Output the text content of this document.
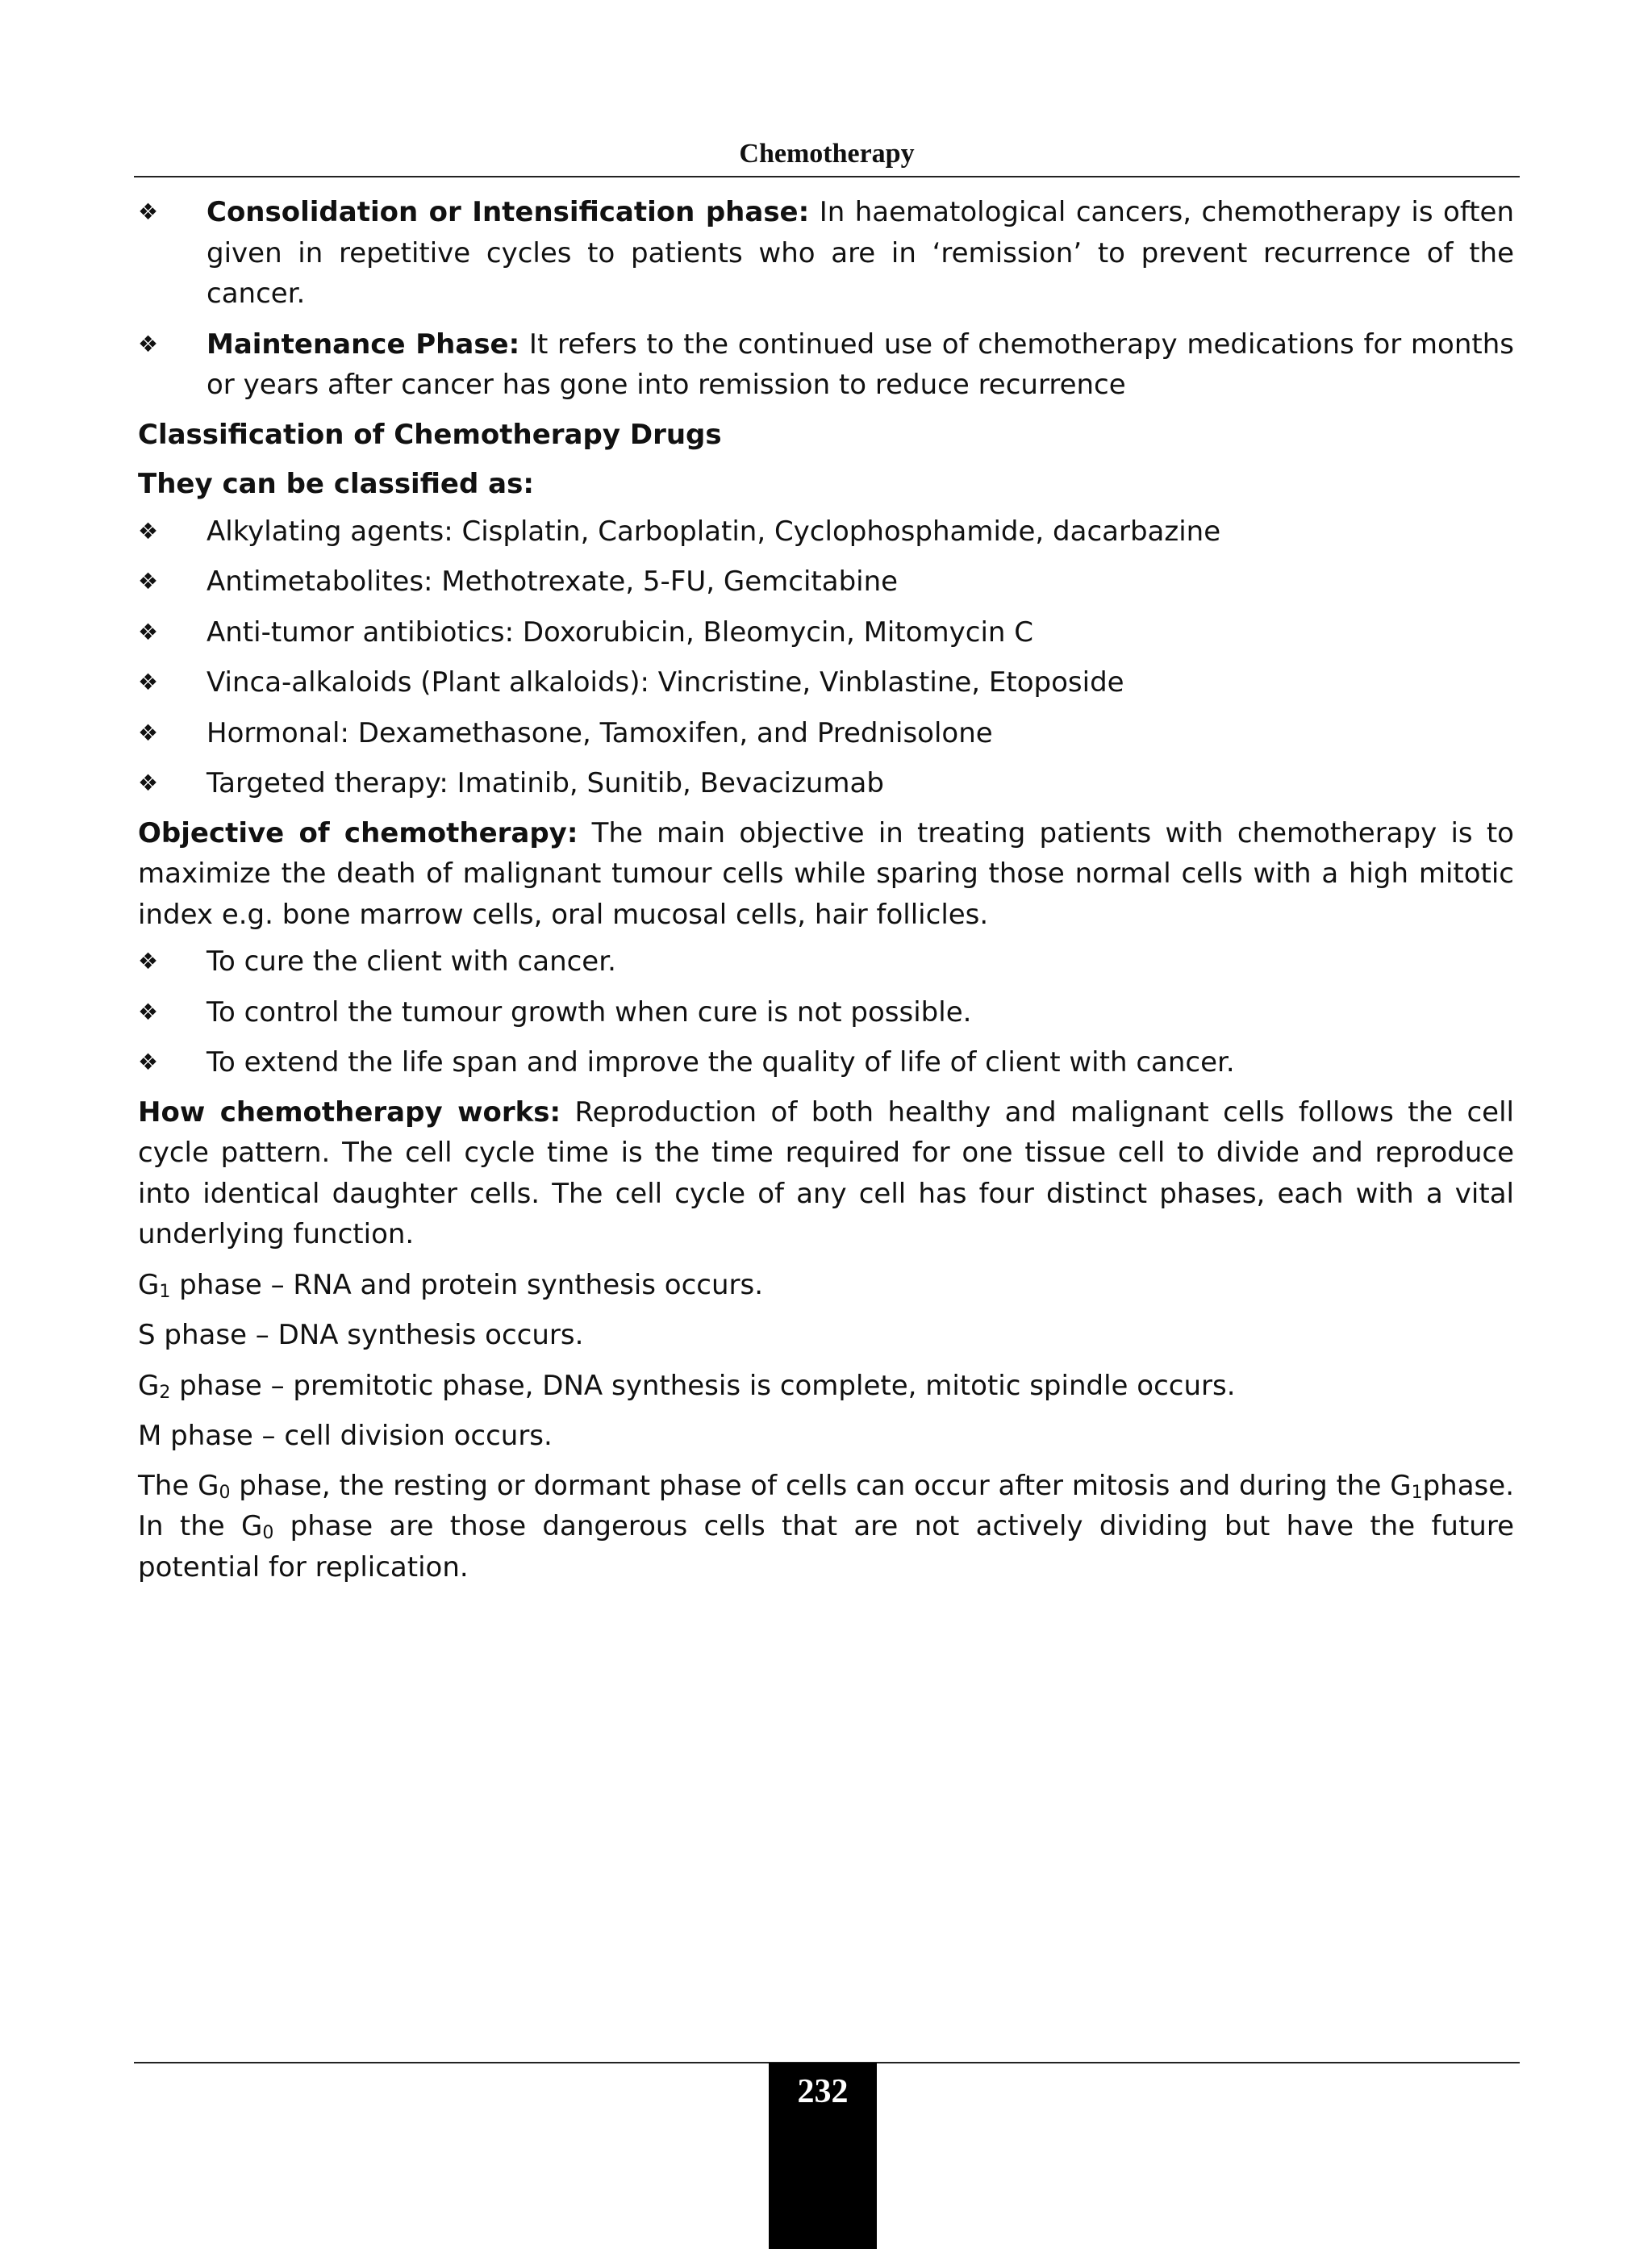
Chemotherapy
❖	Consolidation or Intensification phase: In haematological cancers, chemotherapy is often given in repetitive cycles to patients who are in ‘remission’ to prevent recurrence of the cancer.
❖	Maintenance Phase: It refers to the continued use of chemotherapy medications for months or years after cancer has gone into remission to reduce recurrence

Classification of Chemotherapy Drugs

They can be classified as:

❖	Alkylating agents: Cisplatin, Carboplatin, Cyclophosphamide, dacarbazine
❖	Antimetabolites: Methotrexate, 5-FU, Gemcitabine
❖	Anti-tumor antibiotics: Doxorubicin, Bleomycin, Mitomycin C
❖	Vinca-alkaloids (Plant alkaloids): Vincristine, Vinblastine, Etoposide
❖	Hormonal: Dexamethasone, Tamoxifen, and Prednisolone
❖	Targeted therapy: Imatinib, Sunitib, Bevacizumab

Objective of chemotherapy: The main objective in treating patients with chemotherapy is to maximize the death of malignant tumour cells while sparing those normal cells with a high mitotic index e.g. bone marrow cells, oral mucosal cells, hair follicles.

❖	To cure the client with cancer.
❖	To control the tumour growth when cure is not possible.
❖	To extend the life span and improve the quality of life of client with cancer.

How chemotherapy works: Reproduction of both healthy and malignant cells follows the cell cycle pattern. The cell cycle time is the time required for one tissue cell to divide and reproduce into identical daughter cells. The cell cycle of any cell has four distinct phases, each with a vital underlying function.

$G_1$ phase – RNA and protein synthesis occurs.

S phase – DNA synthesis occurs.

$G_2$ phase – premitotic phase, DNA synthesis is complete, mitotic spindle occurs.

M phase – cell division occurs.

The $G_0$ phase, the resting or dormant phase of cells can occur after mitosis and during the $G_1phase$. In the $G_0$ phase are those dangerous cells that are not actively dividing but have the future potential for replication.

232
